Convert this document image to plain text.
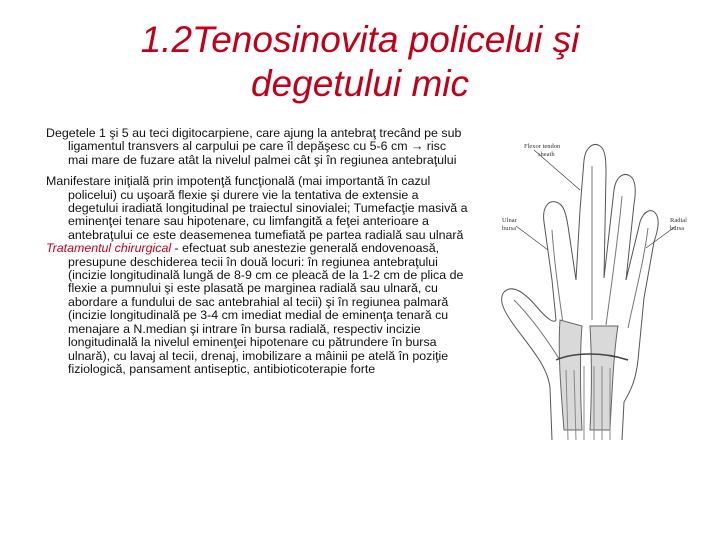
1.2Tenosinovita policelui şi
degetului mic

Degetele 1 şi 5 au teci digitocarpiene, care ajung la antebraţ trecând pe sub ligamentul transvers al carpului pe care îl depăşesc cu 5-6 cm → risc mai mare de fuzare atât la nivelul palmei cât şi în regiunea antebraţului

Manifestare iniţială prin impotenţă funcţională (mai importantă în cazul policelui) cu uşoară flexie şi durere vie la tentativa de extensie a degetului iradiată longitudinal pe traiectul sinovialei; Tumefacţie masivă a eminenţei tenare sau hipotenare, cu limfangită a feţei anterioare a antebraţului ce este deasemenea tumefiată pe partea radială sau ulnară

Tratamentul chirurgical - efectuat sub anestezie generală endovenoasă, presupune deschiderea tecii în două locuri: în regiunea antebraţului (incizie longitudinală lungă de 8-9 cm ce pleacă de la 1-2 cm de plica de flexie a pumnului şi este plasată pe marginea radială sau ulnară, cu abordare a fundului de sac antebrahial al tecii) şi în regiunea palmară (incizie longitudinală pe 3-4 cm imediat medial de eminenţa tenară cu menajare a N.median şi intrare în bursa radială, respectiv incizie longitudinală la nivelul eminenţei hipotenare cu pătrundere în bursa ulnară), cu lavaj al tecii, drenaj, imobilizare a mâinii pe atelă în poziţie fiziologică, pansament antiseptic, antibioticoterapie forte

Flexor tendon
sheath
Ulnar
bursa
Radial
bursa
